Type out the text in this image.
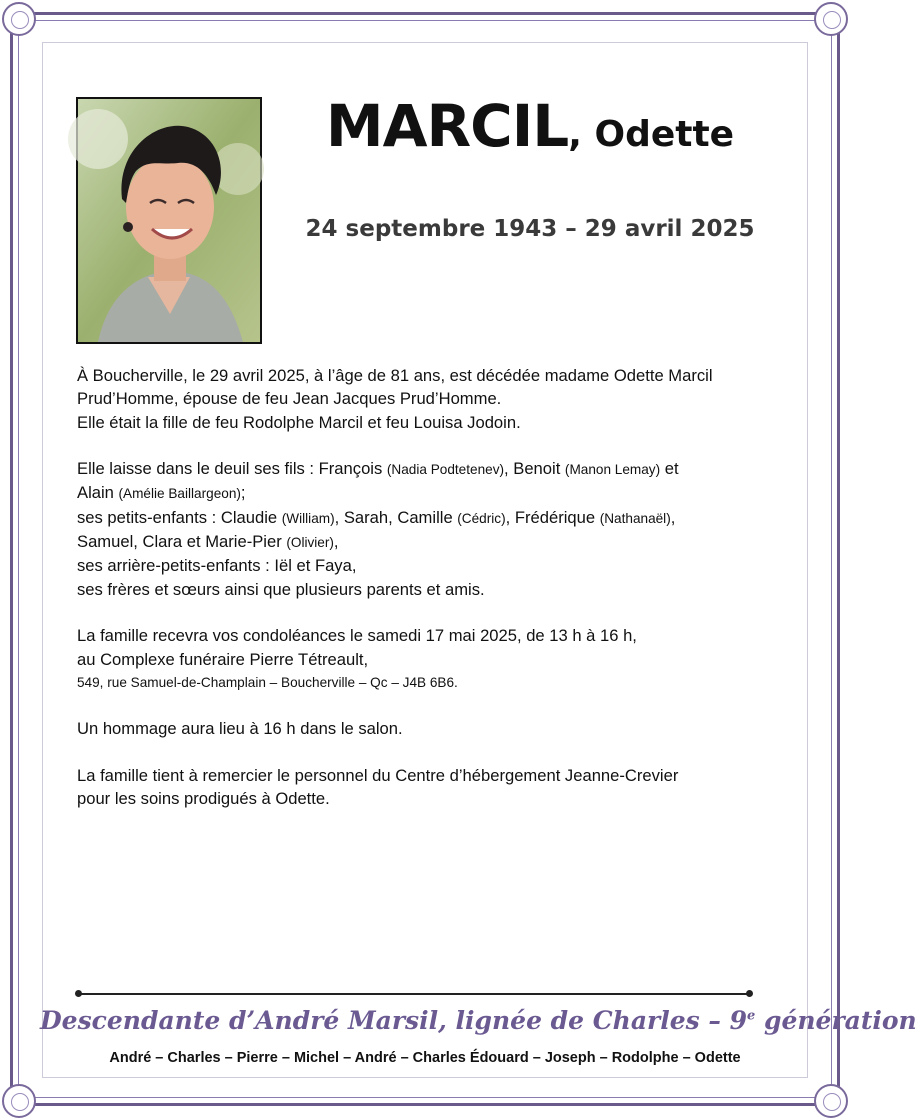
MARCIL, Odette
24 septembre 1943 – 29 avril 2025

À Boucherville, le 29 avril 2025, à l’âge de 81 ans, est décédée madame Odette Marcil
Prud’Homme, épouse de feu Jean Jacques Prud’Homme.
Elle était la fille de feu Rodolphe Marcil et feu Louisa Jodoin.

Elle laisse dans le deuil ses fils : François (Nadia Podtetenev), Benoit (Manon Lemay) et
Alain (Amélie Baillargeon);
ses petits-enfants : Claudie (William), Sarah, Camille (Cédric), Frédérique (Nathanaël),
Samuel, Clara et Marie-Pier (Olivier),
ses arrière-petits-enfants : Iël et Faya,
ses frères et sœurs ainsi que plusieurs parents et amis.

La famille recevra vos condoléances le samedi 17 mai 2025, de 13 h à 16 h,
au Complexe funéraire Pierre Tétreault,
549, rue Samuel-de-Champlain – Boucherville – Qc – J4B 6B6.

Un hommage aura lieu à 16 h dans le salon.

La famille tient à remercier le personnel du Centre d’hébergement Jeanne-Crevier
pour les soins prodigués à Odette.

Descendante d’André Marsil, lignée de Charles – 9e génération
André – Charles – Pierre – Michel – André – Charles Édouard – Joseph – Rodolphe – Odette
